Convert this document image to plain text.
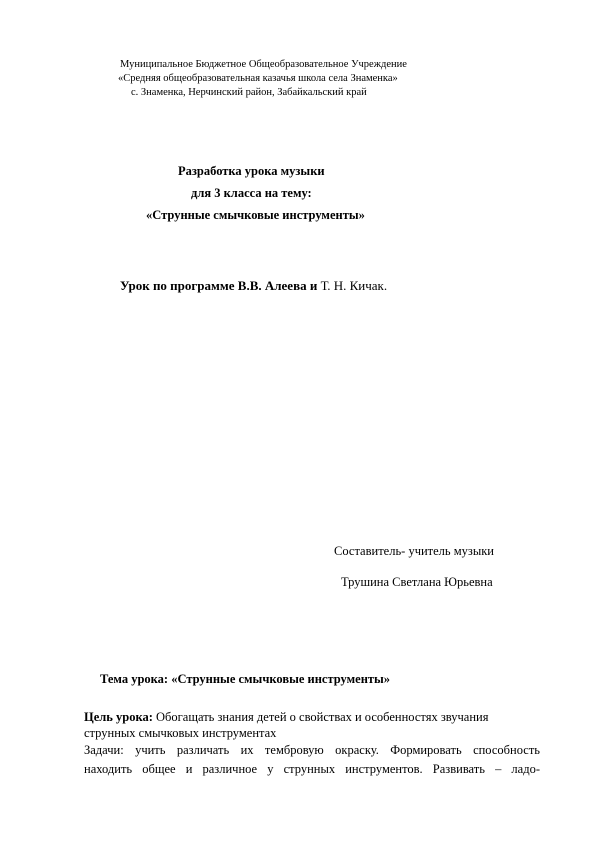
Муниципальное Бюджетное Общеобразовательное Учреждение
«Средняя общеобразовательная казачья школа села Знаменка»
с. Знаменка, Нерчинский район, Забайкальский край
Разработка урока музыки
для 3 класса на тему:
«Струнные смычковые инструменты»
Урок по программе В.В. Алеева и Т. Н. Кичак.
Составитель- учитель музыки
Трушина Светлана Юрьевна
Тема урока: «Струнные смычковые инструменты»
Цель урока: Обогащать знания детей о свойствах и особенностях звучания
струнных смычковых инструментах
Задачи: учить различать их тембровую окраску. Формировать способность
находить общее и различное у струнных инструментов. Развивать – ладо-
